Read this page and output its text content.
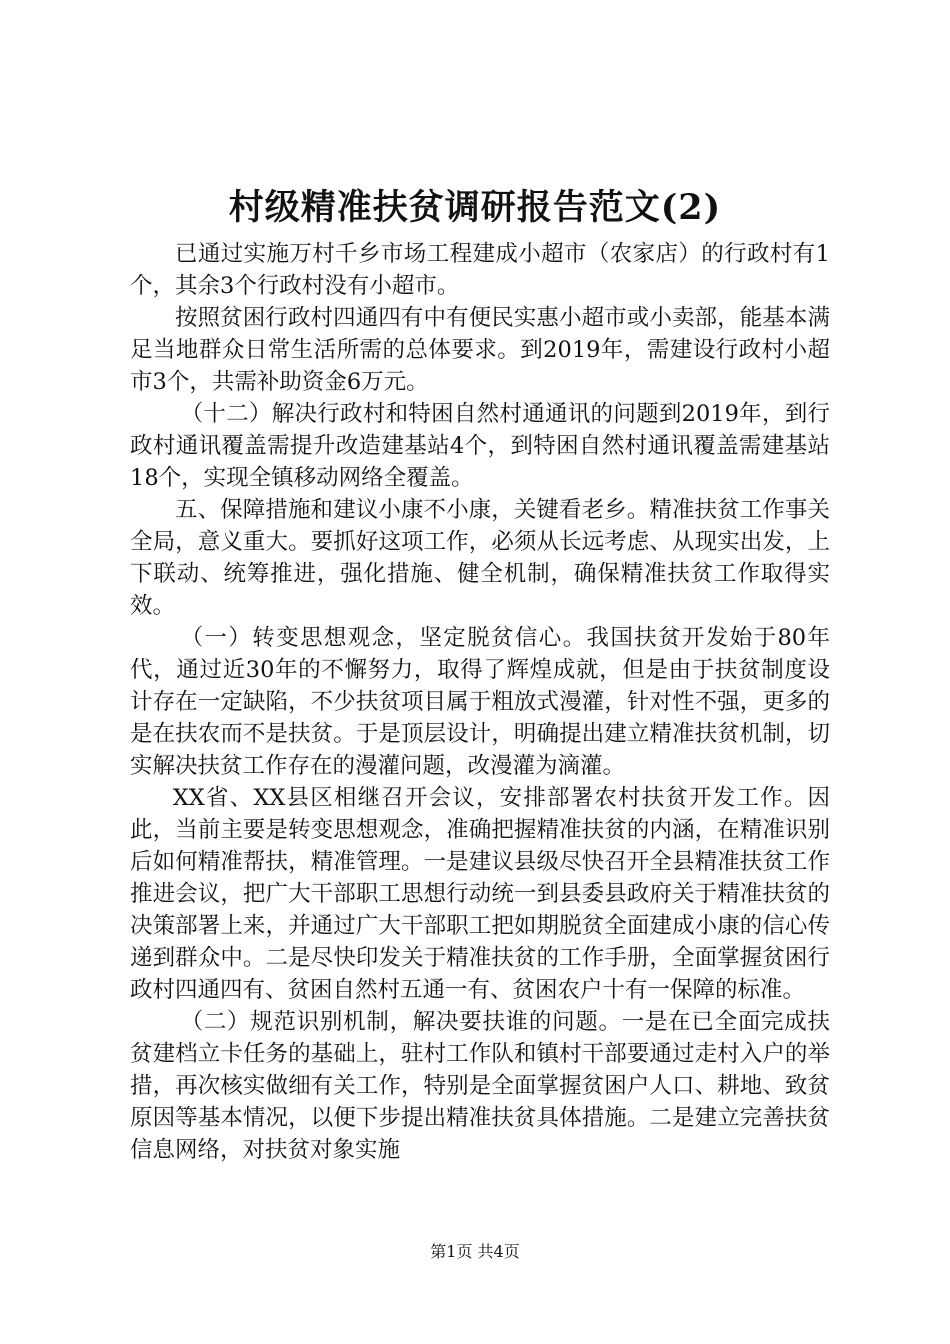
村级精准扶贫调研报告范文(2)

已通过实施万村千乡市场工程建成小超市（农家店）的行政村有1个，其余3个行政村没有小超市。

按照贫困行政村四通四有中有便民实惠小超市或小卖部，能基本满足当地群众日常生活所需的总体要求。到2019年，需建设行政村小超市3个，共需补助资金6万元。

（十二）解决行政村和特困自然村通通讯的问题到2019年，到行政村通讯覆盖需提升改造建基站4个，到特困自然村通讯覆盖需建基站18个，实现全镇移动网络全覆盖。

五、保障措施和建议小康不小康，关键看老乡。精准扶贫工作事关全局，意义重大。要抓好这项工作，必须从长远考虑、从现实出发，上下联动、统筹推进，强化措施、健全机制，确保精准扶贫工作取得实效。

（一）转变思想观念，坚定脱贫信心。我国扶贫开发始于80年代，通过近30年的不懈努力，取得了辉煌成就，但是由于扶贫制度设计存在一定缺陷，不少扶贫项目属于粗放式漫灌，针对性不强，更多的是在扶农而不是扶贫。于是顶层设计，明确提出建立精准扶贫机制，切实解决扶贫工作存在的漫灌问题，改漫灌为滴灌。

XX省、XX县区相继召开会议，安排部署农村扶贫开发工作。因此，当前主要是转变思想观念，准确把握精准扶贫的内涵，在精准识别后如何精准帮扶，精准管理。一是建议县级尽快召开全县精准扶贫工作推进会议，把广大干部职工思想行动统一到县委县政府关于精准扶贫的决策部署上来，并通过广大干部职工把如期脱贫全面建成小康的信心传递到群众中。二是尽快印发关于精准扶贫的工作手册，全面掌握贫困行政村四通四有、贫困自然村五通一有、贫困农户十有一保障的标准。

（二）规范识别机制，解决要扶谁的问题。一是在已全面完成扶贫建档立卡任务的基础上，驻村工作队和镇村干部要通过走村入户的举措，再次核实做细有关工作，特别是全面掌握贫困户人口、耕地、致贫原因等基本情况，以便下步提出精准扶贫具体措施。二是建立完善扶贫信息网络，对扶贫对象实施

第1页 共4页
